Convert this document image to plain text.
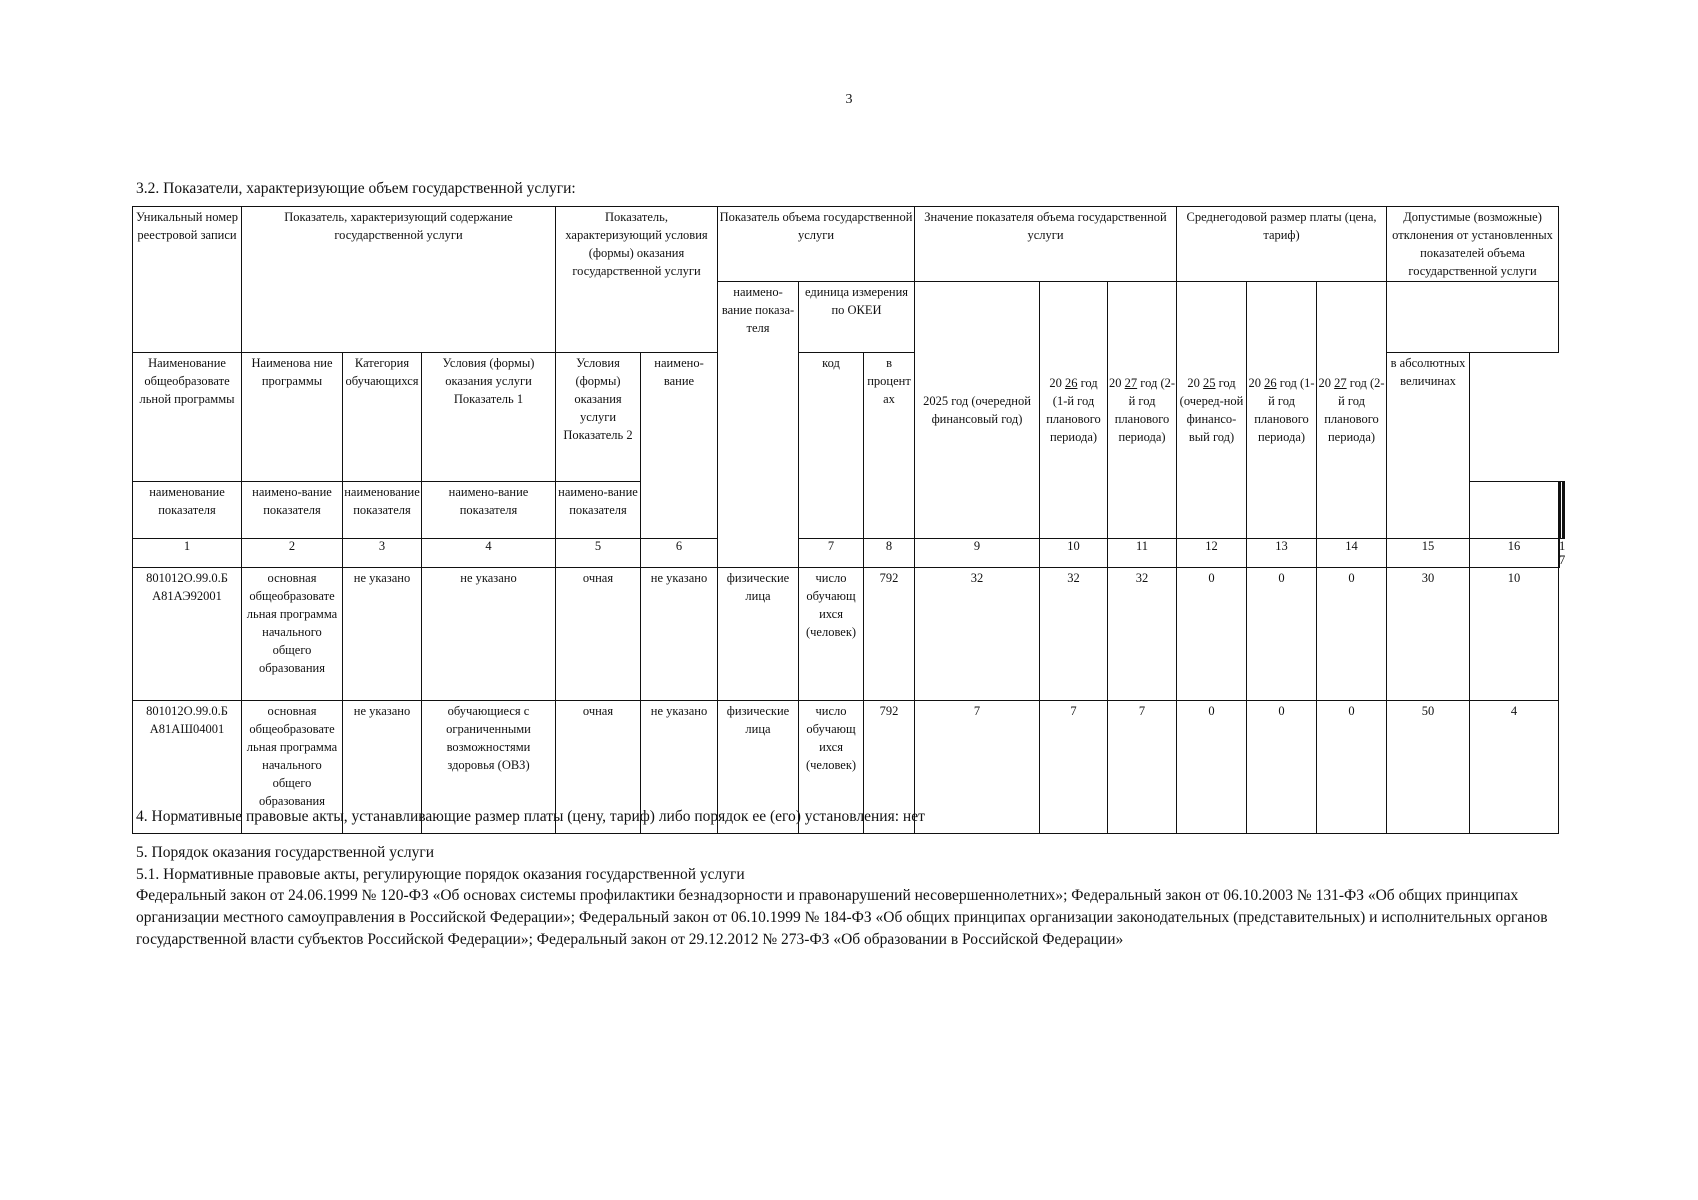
3
3.2. Показатели, характеризующие объем государственной услуги:
Уникальный номер реестровой записи	Показатель, характеризующий содержание государственной услуги			Показатель, характеризующий условия (формы) оказания государственной услуги		Показатель объема государственной услуги			Значение показателя объема государственной услуги			Среднегодовой размер платы (цена, тариф)			Допустимые (возможные) отклонения от установленных показателей объема государственной услуги				
						наимено-вание показа-теля	единица измерения по ОКЕИ		2025 год (очередной финансовый год)	20 26 год (1-й год планового периода)	20 27 год (2-й год планового периода)	20 25 год (очеред-ной финансо-вый год)	20 26 год (1-й год планового периода)	20 27 год (2-й год планового периода)					
Наименование общеобразовате льной программы	Наименова ние программы	Категория обучающихся	Условия (формы) оказания услуги Показатель 1	Условия (формы) оказания услуги Показатель 2	наимено-вание		код	в процентах							в абсолютных величинах				
наименование показателя	наимено-вание показателя	наименование показателя	наимено-вание показателя	наимено-вание показателя															
1	2	3	4	5	6		7	8	9	10	11	12	13	14	15	16	17		
801012О.99.0.Б А81АЭ92001	основная общеобразовате льная программа начального общего образования	не указано	не указано	очная	не указано	физические лица	число обучающ ихся (человек)	792	32	32	32	0	0	0	30	10			
801012О.99.0.Б А81АШ04001	основная общеобразовате льная программа начального общего образования	не указано	обучающиеся с ограниченными возможностями здоровья (ОВЗ)	очная	не указано	физические лица	число обучающ ихся (человек)	792	7	7	7	0	0	0	50	4			
4. Нормативные правовые акты, устанавливающие размер платы (цену, тариф) либо порядок ее (его) установления: нет
5. Порядок оказания государственной услуги
5.1. Нормативные правовые акты, регулирующие порядок оказания государственной услуги
Федеральный закон от 24.06.1999 № 120-ФЗ «Об основах системы профилактики безнадзорности и правонарушений несовершеннолетних»; Федеральный закон от 06.10.2003 № 131-ФЗ «Об общих принципах организации местного самоуправления в Российской Федерации»; Федеральный закон от 06.10.1999 № 184-ФЗ «Об общих принципах организации законодательных (представительных) и исполнительных органов государственной власти субъектов Российской Федерации»; Федеральный закон от 29.12.2012 № 273-ФЗ «Об образовании в Российской Федерации»
